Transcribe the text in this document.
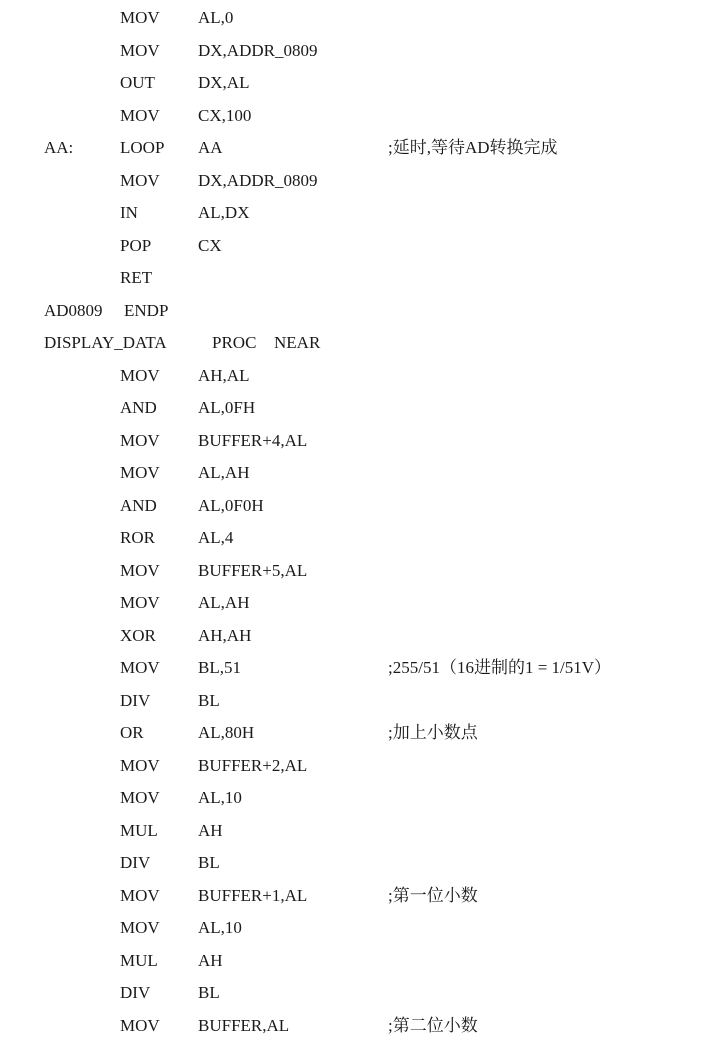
MOV AL,0
MOV DX,ADDR_0809
OUT	DX,AL
MOV CX,100
AA:	LOOP AA	;延时,等待AD转换完成
MOV DX,ADDR_0809
IN	AL,DX
POP	CX
RET
AD0809 ENDP
DISPLAY_DATA	PROC NEAR
MOV AH,AL
AND AL,0FH
MOV BUFFER+4,AL
MOV AL,AH
AND AL,0F0H
ROR	AL,4
MOV BUFFER+5,AL
MOV AL,AH
XOR AH,AH
MOV BL,51	;255/51（16进制的1 = 1/51V）
DIV	BL
OR	AL,80H	;加上小数点
MOV BUFFER+2,AL
MOV AL,10
MUL AH
DIV	BL
MOV BUFFER+1,AL	;第一位小数
MOV AL,10
MUL AH
DIV	BL
MOV BUFFER,AL	;第二位小数
